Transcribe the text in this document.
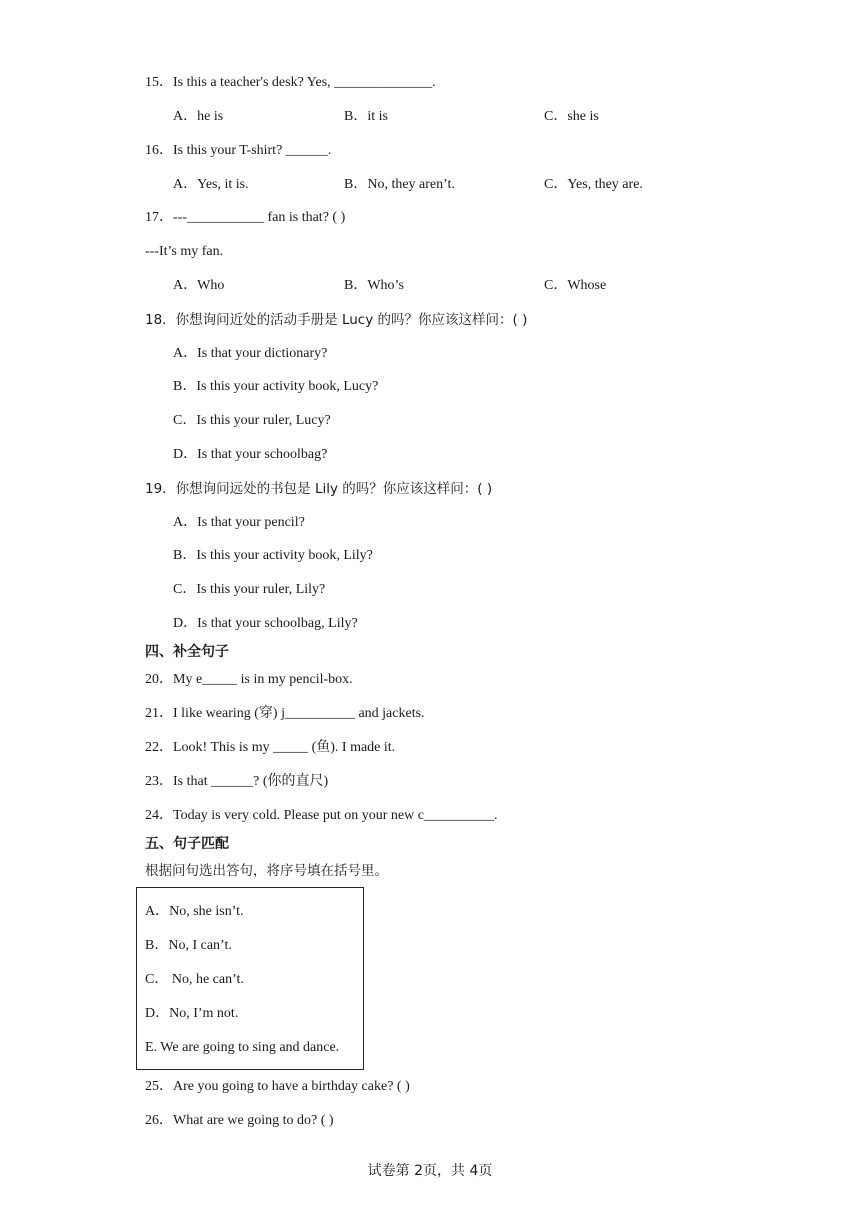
15．Is this a teacher's desk? Yes, ______________.
A．he is	B．it is	C．she is
16．Is this your T-shirt? ______.
A．Yes, it is.	B．No, they aren’t.	C．Yes, they are.
17．---___________ fan is that? ( )
---It’s my fan.
A．Who	B．Who’s	C．Whose
18．你想询问近处的活动手册是 Lucy 的吗？你应该这样问：( )
A．Is that your dictionary?
B．Is this your activity book, Lucy?
C．Is this your ruler, Lucy?
D．Is that your schoolbag?
19．你想询问远处的书包是 Lily 的吗？你应该这样问：( )
A．Is that your pencil?
B．Is this your activity book, Lily?
C．Is this your ruler, Lily?
D．Is that your schoolbag, Lily?
四、补全句子
20．My e_____ is in my pencil-box.
21．I like wearing (穿) j__________ and jackets.
22．Look! This is my _____ (鱼). I made it.
23．Is that ______? (你的直尺)
24．Today is very cold. Please put on your new c__________.
五、句子匹配
根据问句选出答句，将序号填在括号里。
A．No, she isn’t.
B．No, I can’t.
C． No, he can’t.
D．No, I’m not.
E. We are going to sing and dance.
25．Are you going to have a birthday cake? ( )
26．What are we going to do? ( )
试卷第 2页，共 4页
